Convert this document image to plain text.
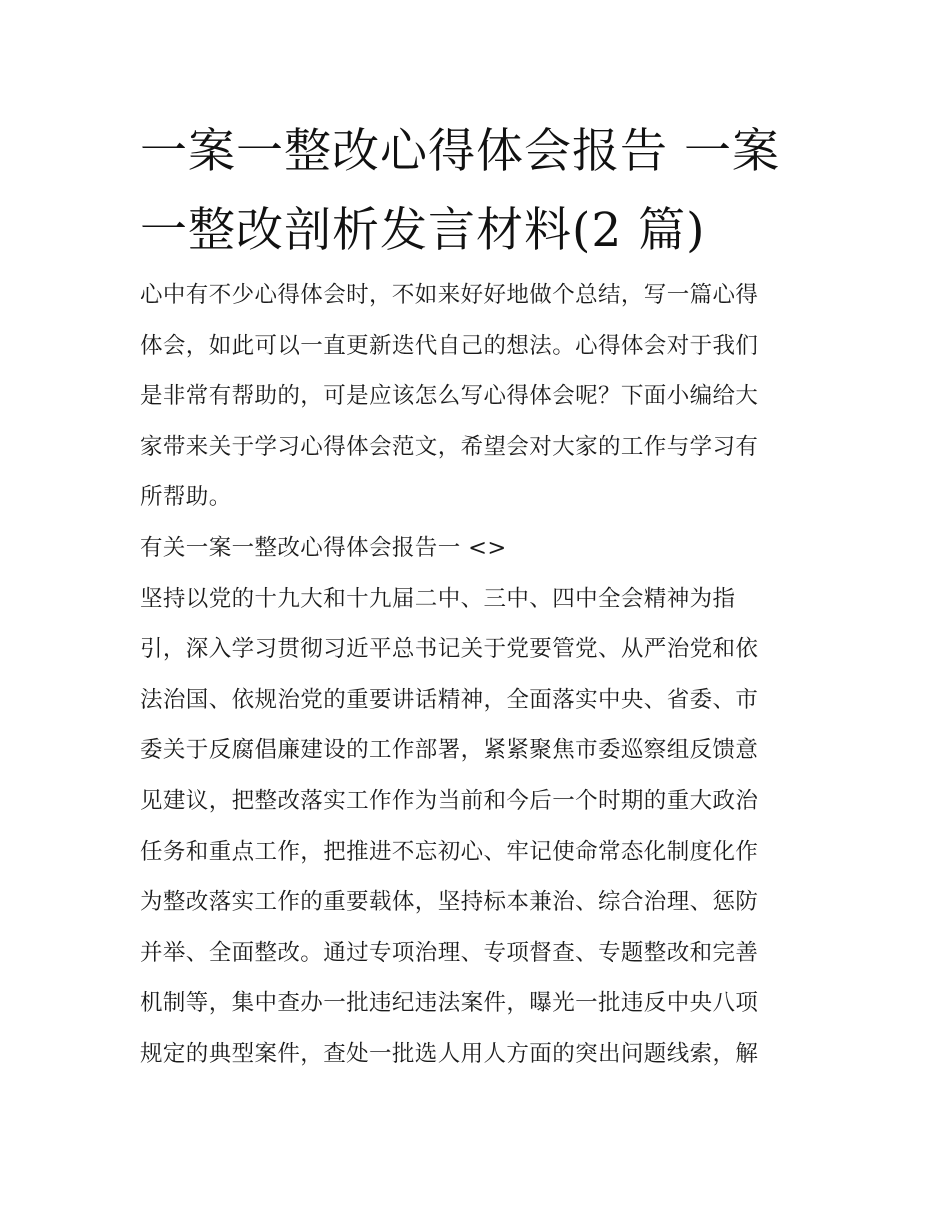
一案一整改心得体会报告 一案
一整改剖析发言材料(2 篇)

心中有不少心得体会时，不如来好好地做个总结，写一篇心得
体会，如此可以一直更新迭代自己的想法。心得体会对于我们
是非常有帮助的，可是应该怎么写心得体会呢？下面小编给大
家带来关于学习心得体会范文，希望会对大家的工作与学习有
所帮助。

有关一案一整改心得体会报告一 <>

坚持以党的十九大和十九届二中、三中、四中全会精神为指
引，深入学习贯彻习近平总书记关于党要管党、从严治党和依
法治国、依规治党的重要讲话精神，全面落实中央、省委、市
委关于反腐倡廉建设的工作部署，紧紧聚焦市委巡察组反馈意
见建议，把整改落实工作作为当前和今后一个时期的重大政治
任务和重点工作，把推进不忘初心、牢记使命常态化制度化作
为整改落实工作的重要载体，坚持标本兼治、综合治理、惩防
并举、全面整改。通过专项治理、专项督查、专题整改和完善
机制等，集中查办一批违纪违法案件，曝光一批违反中央八项
规定的典型案件，查处一批选人用人方面的突出问题线索，解
